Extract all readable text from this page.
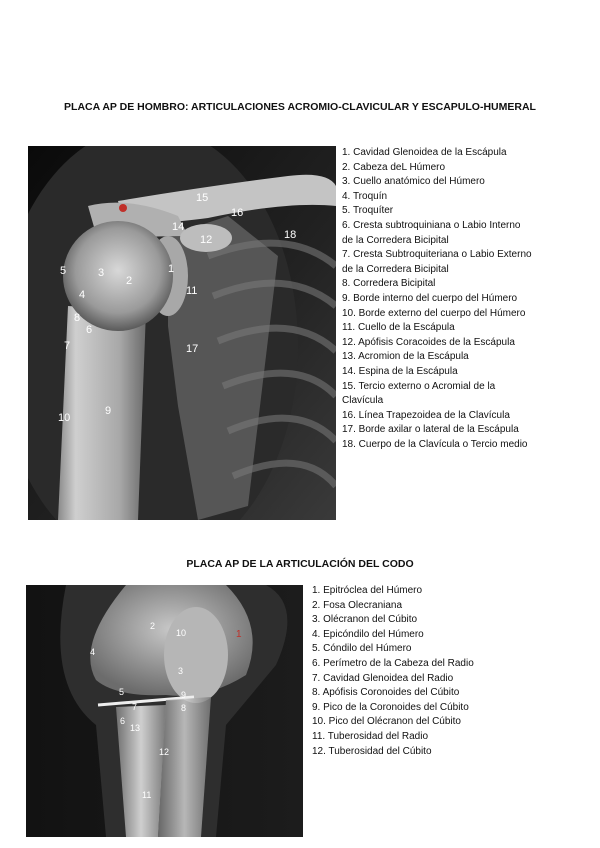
PLACA AP DE HOMBRO: ARTICULACIONES ACROMIO-CLAVICULAR Y ESCAPULO-HUMERAL
1
2
3
4
5
6
7
8
9
10
11
12
14
15
16
17
18
1. Cavidad Glenoidea de la Escápula
2. Cabeza deL Húmero
3. Cuello anatómico del Húmero
4. Troquín
5. Troquíter
6. Cresta subtroquiniana o Labio Interno de la Corredera Bicipital
7. Cresta Subtroquiteriana o Labio Externo de la Corredera Bicipital
8. Corredera Bicipital
9. Borde interno del cuerpo del Húmero
10. Borde externo del cuerpo del Húmero
11. Cuello de la Escápula
12. Apófisis Coracoides de la Escápula
13. Acromion de la Escápula
14. Espina de la Escápula
15. Tercio externo o Acromial de la Clavícula
16. Línea Trapezoidea de la Clavícula
17. Borde axilar o lateral de la Escápula
18. Cuerpo de la Clavícula o Tercio medio
PLACA AP DE LA ARTICULACIÓN DEL CODO
1
2
10
4
3
5	9
7	8
6
13
12
11
1. Epitróclea del Húmero
2. Fosa Olecraniana
3. Olécranon del Cúbito
4. Epicóndilo del Húmero
5. Cóndilo del Húmero
6. Perímetro de la Cabeza del Radio
7. Cavidad Glenoidea del Radio
8. Apófisis Coronoides del Cúbito
9. Pico de la Coronoides del Cúbito
10. Pico del Olécranon del Cúbito
11. Tuberosidad del Radio
12. Tuberosidad del Cúbito
